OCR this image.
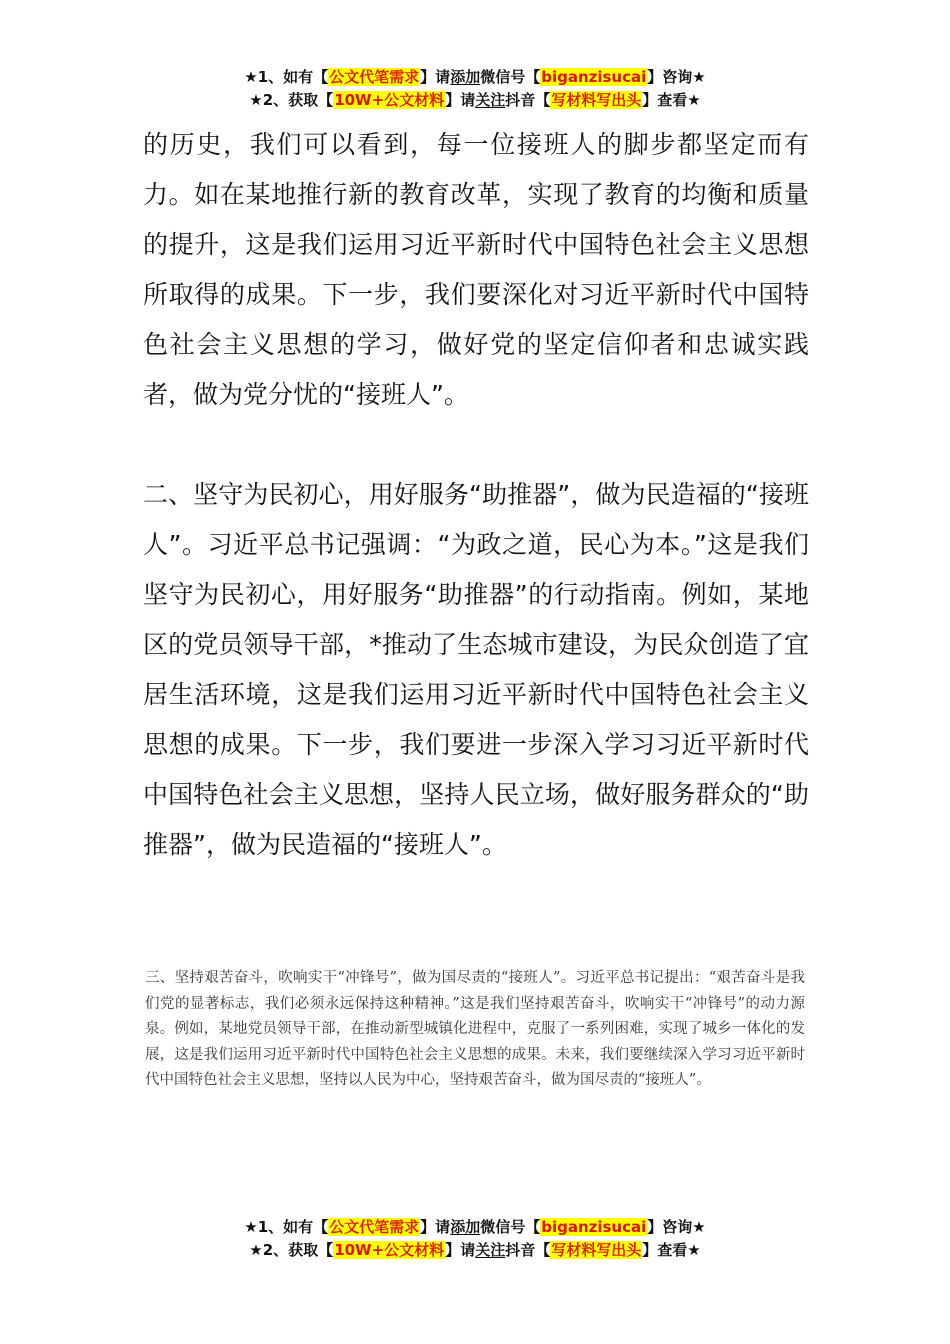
★1、如有【公文代笔需求】请添加微信号【biganzisucai】咨询★
★2、获取【10W+公文材料】请关注抖音【写材料写出头】查看★

的历史，我们可以看到，每一位接班人的脚步都坚定而有力。如在某地推行新的教育改革，实现了教育的均衡和质量的提升，这是我们运用习近平新时代中国特色社会主义思想所取得的成果。下一步，我们要深化对习近平新时代中国特色社会主义思想的学习，做好党的坚定信仰者和忠诚实践者，做为党分忧的“接班人”。

二、坚守为民初心，用好服务“助推器”，做为民造福的“接班人”。习近平总书记强调：“为政之道，民心为本。”这是我们坚守为民初心，用好服务“助推器”的行动指南。例如，某地区的党员领导干部，*推动了生态城市建设，为民众创造了宜居生活环境，这是我们运用习近平新时代中国特色社会主义思想的成果。下一步，我们要进一步深入学习习近平新时代中国特色社会主义思想，坚持人民立场，做好服务群众的“助推器”，做为民造福的“接班人”。

三、坚持艰苦奋斗，吹响实干“冲锋号”，做为国尽责的“接班人”。习近平总书记提出：“艰苦奋斗是我们党的显著标志，我们必须永远保持这种精神。”这是我们坚持艰苦奋斗，吹响实干“冲锋号”的动力源泉。例如，某地党员领导干部，在推动新型城镇化进程中，克服了一系列困难，实现了城乡一体化的发展，这是我们运用习近平新时代中国特色社会主义思想的成果。未来，我们要继续深入学习习近平新时代中国特色社会主义思想，坚持以人民为中心，坚持艰苦奋斗，做为国尽责的“接班人”。

★1、如有【公文代笔需求】请添加微信号【biganzisucai】咨询★
★2、获取【10W+公文材料】请关注抖音【写材料写出头】查看★
